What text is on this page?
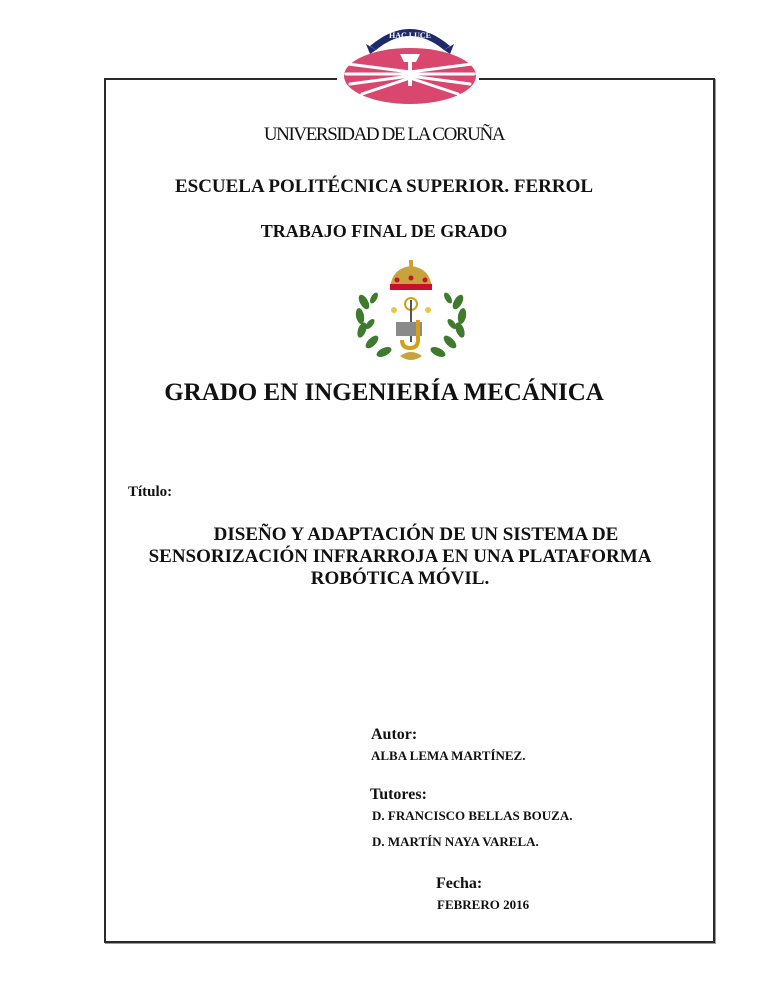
HAC LUCE
UNIVERSIDAD DE LA CORUÑA
ESCUELA POLITÉCNICA SUPERIOR. FERROL
TRABAJO FINAL DE GRADO
GRADO EN INGENIERÍA MECÁNICA
Título:
DISEÑO Y ADAPTACIÓN DE UN SISTEMA DE
SENSORIZACIÓN INFRARROJA EN UNA PLATAFORMA
ROBÓTICA MÓVIL.
Autor:
ALBA LEMA MARTÍNEZ.
Tutores:
D. FRANCISCO BELLAS BOUZA.
D. MARTÍN NAYA VARELA.
Fecha:
FEBRERO 2016
